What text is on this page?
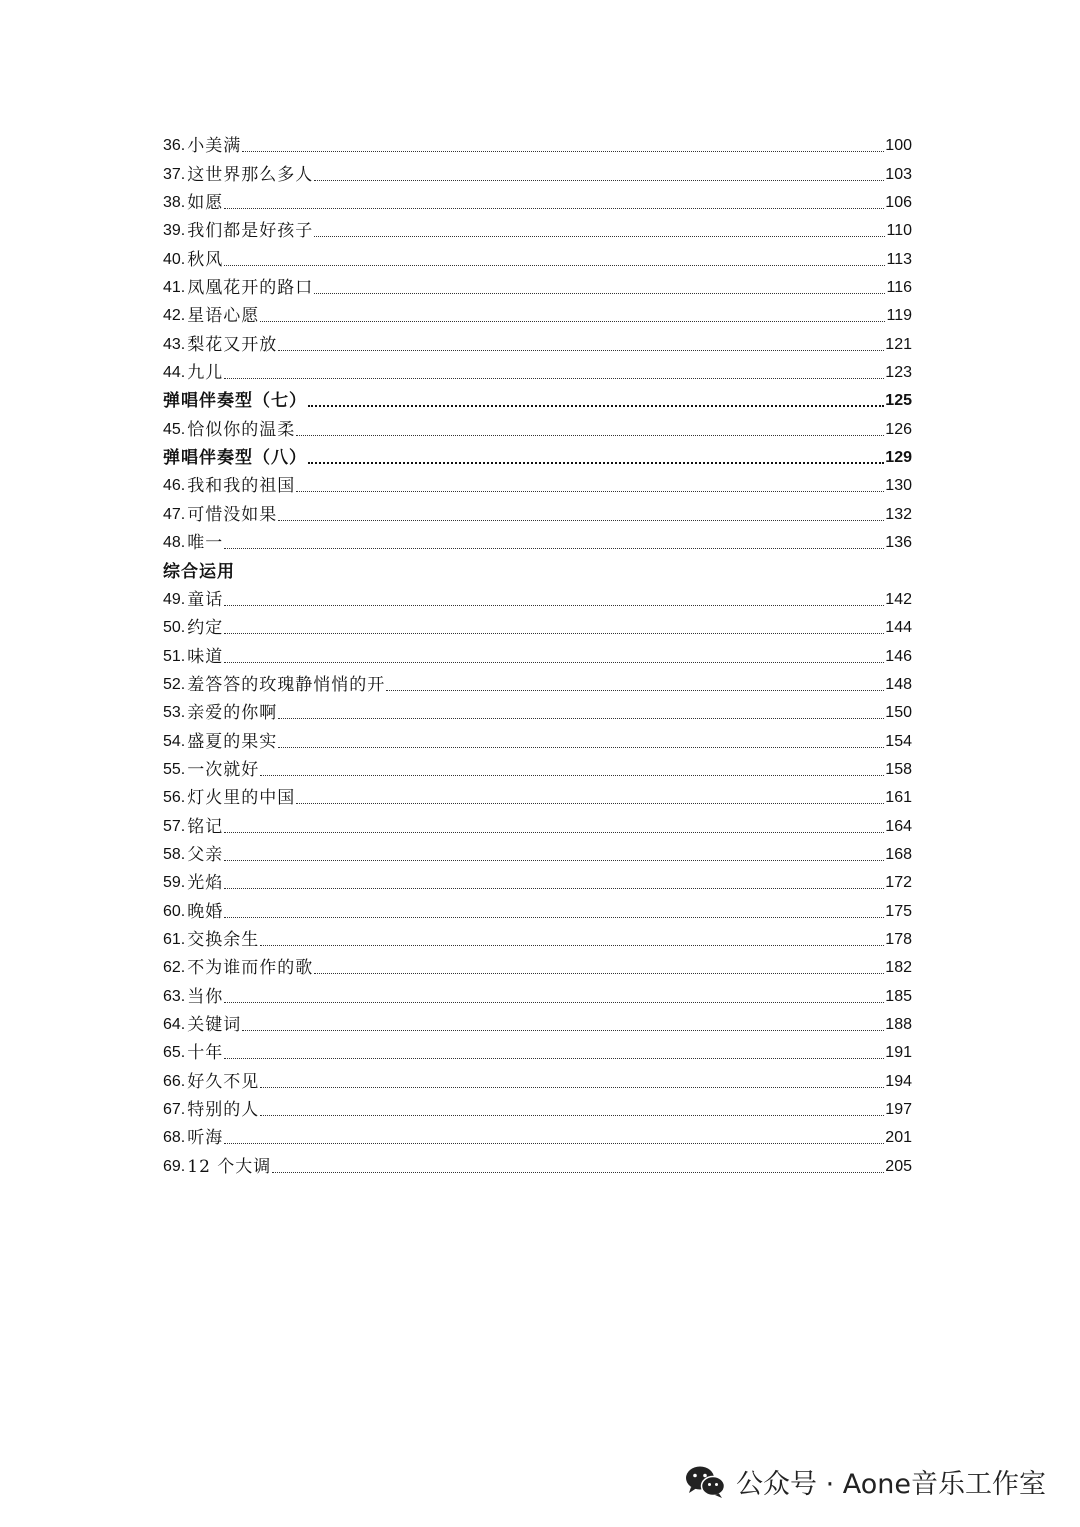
36. 小美满	100
37. 这世界那么多人	103
38. 如愿	106
39. 我们都是好孩子	110
40. 秋风	113
41. 凤凰花开的路口	116
42. 星语心愿	119
43. 梨花又开放	121
44. 九儿	123
弹唱伴奏型（七）	125
45. 恰似你的温柔	126
弹唱伴奏型（八）	129
46. 我和我的祖国	130
47. 可惜没如果	132
48. 唯一	136
综合运用
49. 童话	142
50. 约定	144
51. 味道	146
52. 羞答答的玫瑰静悄悄的开	148
53. 亲爱的你啊	150
54. 盛夏的果实	154
55. 一次就好	158
56. 灯火里的中国	161
57. 铭记	164
58. 父亲	168
59. 光焰	172
60. 晚婚	175
61. 交换余生	178
62. 不为谁而作的歌	182
63. 当你	185
64. 关键词	188
65. 十年	191
66. 好久不见	194
67. 特别的人	197
68. 听海	201
69. 12 个大调	205
公众号 · Aone音乐工作室
